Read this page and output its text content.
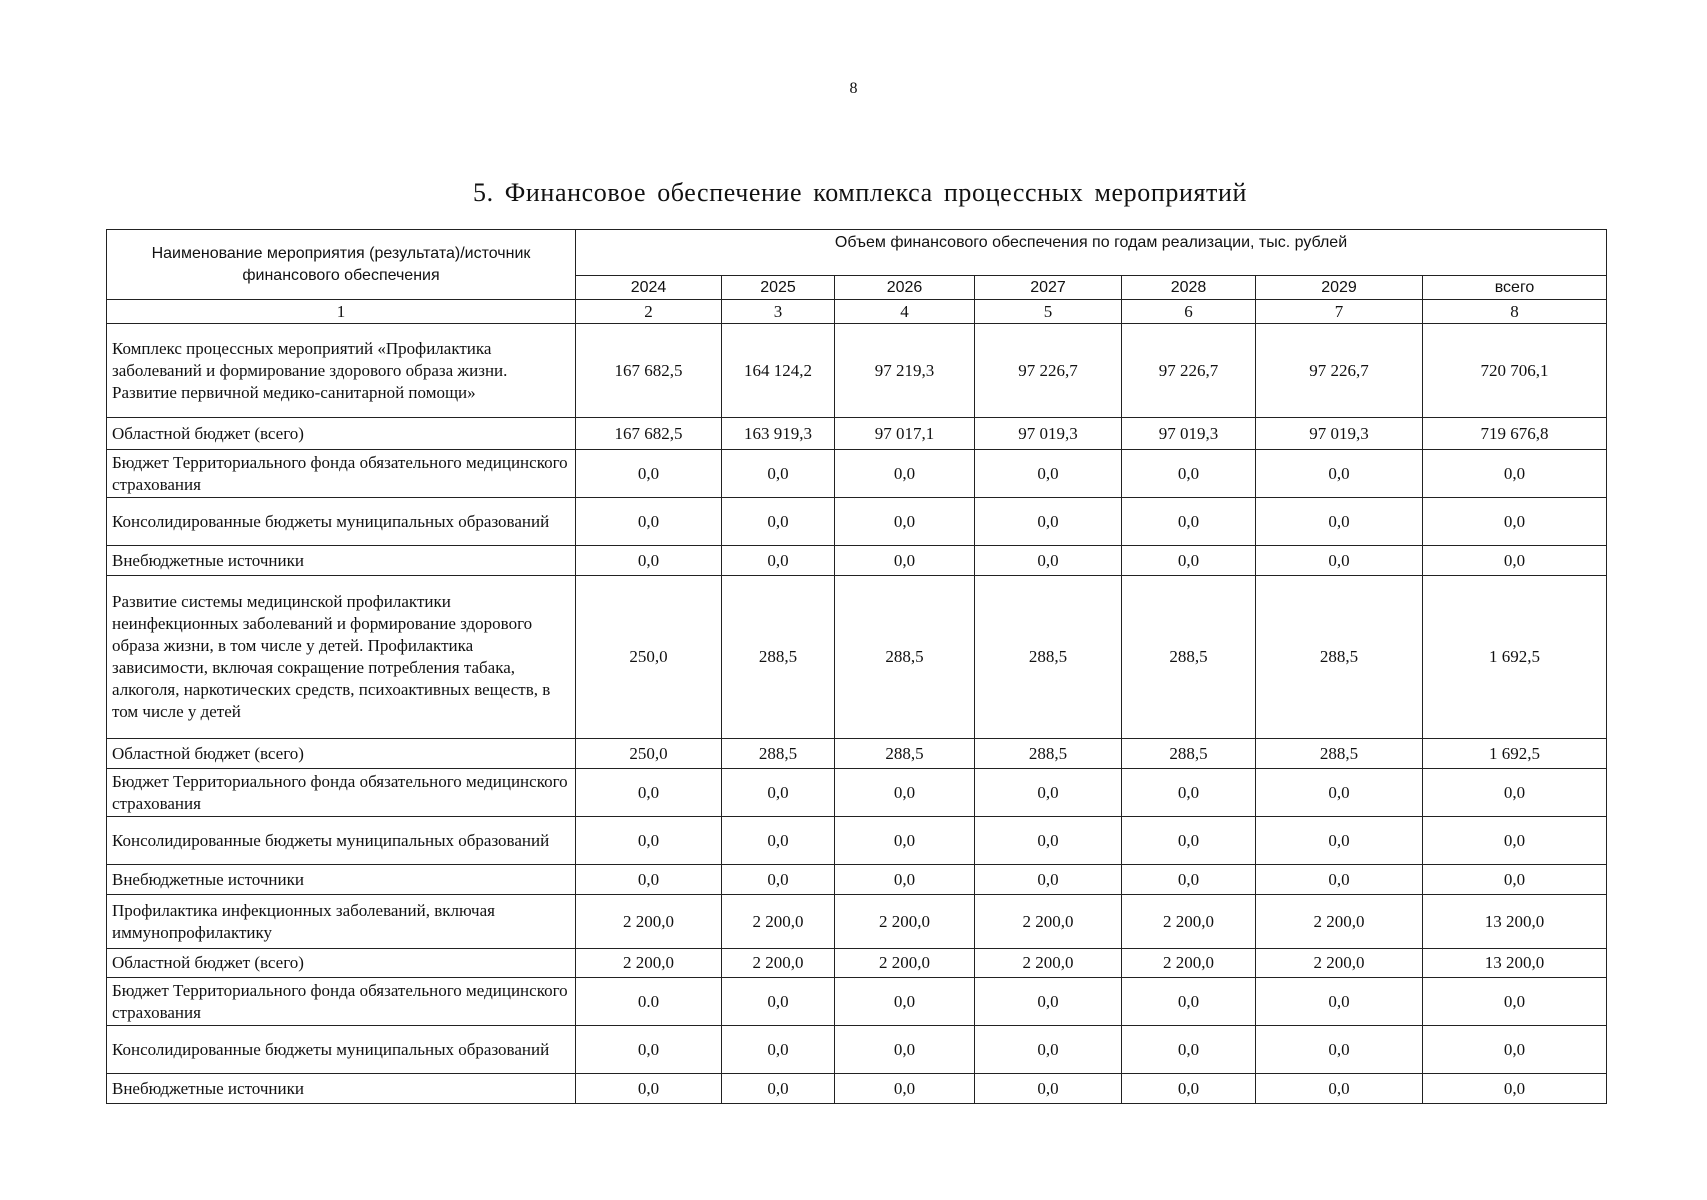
8
5. Финансовое обеспечение комплекса процессных мероприятий
Наименование мероприятия (результата)/источник финансового обеспечения	Объем финансового обеспечения по годам реализации, тыс. рублей						
	2024	2025	2026	2027	2028	2029	всего
1	2	3	4	5	6	7	8
Комплекс процессных мероприятий «Профилактика заболеваний и формирование здорового образа жизни. Развитие первичной медико-санитарной помощи»	167 682,5	164 124,2	97 219,3	97 226,7	97 226,7	97 226,7	720 706,1
Областной бюджет (всего)	167 682,5	163 919,3	97 017,1	97 019,3	97 019,3	97 019,3	719 676,8
Бюджет Территориального фонда обязательного медицинского страхования	0,0	0,0	0,0	0,0	0,0	0,0	0,0
Консолидированные бюджеты муниципальных образований	0,0	0,0	0,0	0,0	0,0	0,0	0,0
Внебюджетные источники	0,0	0,0	0,0	0,0	0,0	0,0	0,0
Развитие системы медицинской профилактики неинфекционных заболеваний и формирование здорового образа жизни, в том числе у детей. Профилактика зависимости, включая сокращение потребления табака, алкоголя, наркотических средств, психоактивных веществ, в том числе у детей	250,0	288,5	288,5	288,5	288,5	288,5	1 692,5
Областной бюджет (всего)	250,0	288,5	288,5	288,5	288,5	288,5	1 692,5
Бюджет Территориального фонда обязательного медицинского страхования	0,0	0,0	0,0	0,0	0,0	0,0	0,0
Консолидированные бюджеты муниципальных образований	0,0	0,0	0,0	0,0	0,0	0,0	0,0
Внебюджетные источники	0,0	0,0	0,0	0,0	0,0	0,0	0,0
Профилактика инфекционных заболеваний, включая иммунопрофилактику	2 200,0	2 200,0	2 200,0	2 200,0	2 200,0	2 200,0	13 200,0
Областной бюджет (всего)	2 200,0	2 200,0	2 200,0	2 200,0	2 200,0	2 200,0	13 200,0
Бюджет Территориального фонда обязательного медицинского страхования	0.0	0,0	0,0	0,0	0,0	0,0	0,0
Консолидированные бюджеты муниципальных образований	0,0	0,0	0,0	0,0	0,0	0,0	0,0
Внебюджетные источники	0,0	0,0	0,0	0,0	0,0	0,0	0,0
